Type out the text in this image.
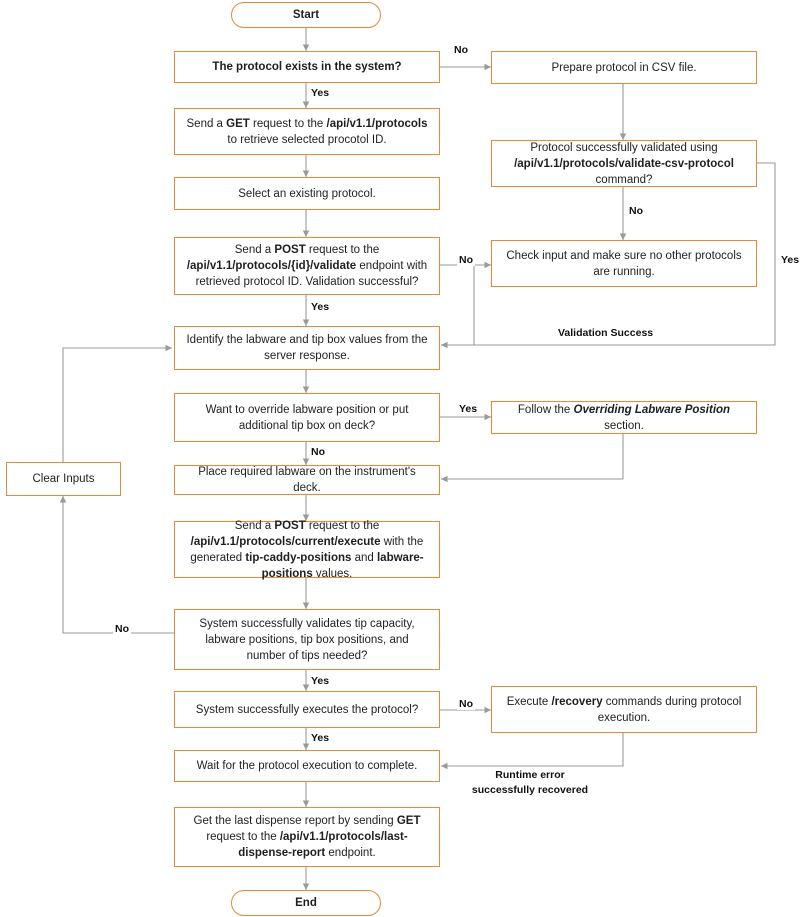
Start
The protocol exists in the system?	Prepare protocol in CSV file.
Send a GET request to the /api/v1.1/protocols to retrieve selected procotol ID.
Protocol successfully validated using /api/v1.1/protocols/validate-csv-protocol command?
Select an existing protocol.
Send a POST request to the /api/v1.1/protocols/{id}/validate endpoint with retrieved protocol ID. Validation successful?
Check input and make sure no other protocols are running.
Identify the labware and tip box values from the server response.
Want to override labware position or put additional tip box on deck?
Follow the Overriding Labware Position section.
Clear Inputs
Place required labware on the instrument's deck.
Send a POST request to the /api/v1.1/protocols/current/execute with the generated tip-caddy-positions and labware-positions values.
System successfully validates tip capacity, labware positions, tip box positions, and number of tips needed?
System successfully executes the protocol?
Execute /recovery commands during protocol execution.
Wait for the protocol execution to complete.
Get the last dispense report by sending GET request to the /api/v1.1/protocols/last-dispense-report endpoint.
End
No
Yes
No
No
Yes
Yes
Validation Success
Yes
No
No
Yes
No
Yes
Runtime error successfully recovered
